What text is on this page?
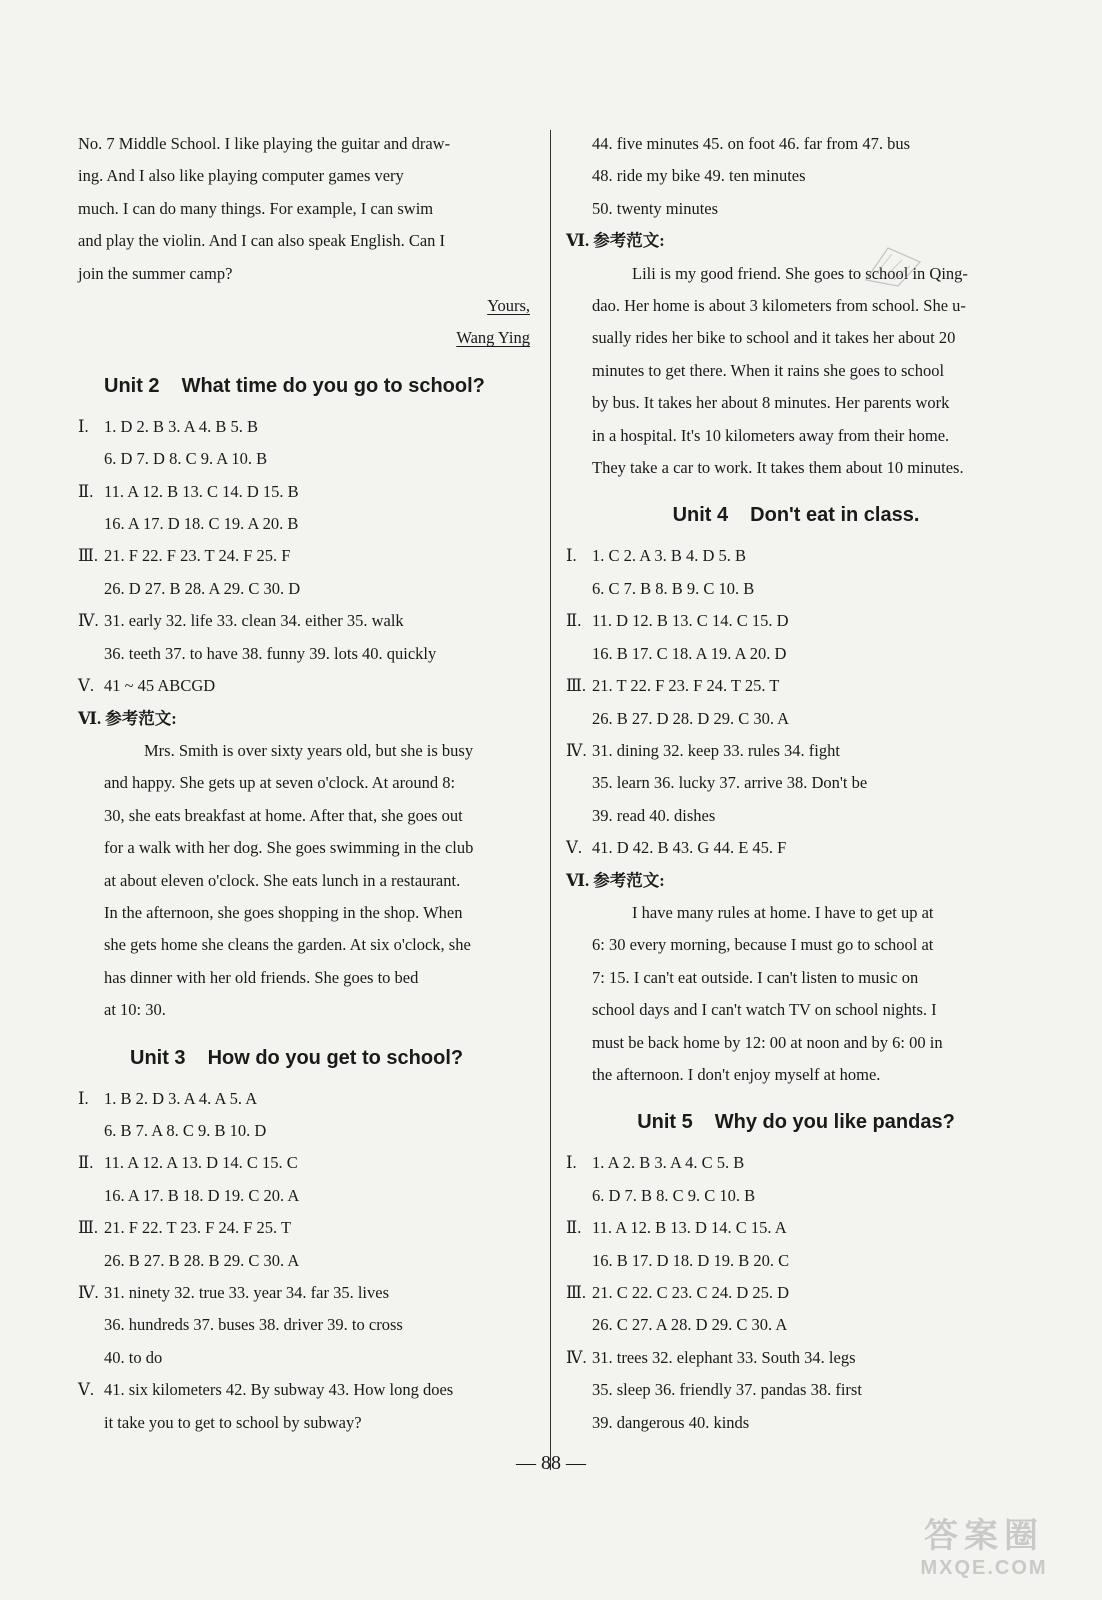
No. 7 Middle School. I like playing the guitar and draw-
ing. And I also like playing computer games very
much. I can do many things. For example, I can swim
and play the violin. And I can also speak English. Can I
join the summer camp?
Yours,
Wang Ying
Unit 2 What time do you go to school?
Ⅰ. 1. D 2. B 3. A 4. B 5. B
6. D 7. D 8. C 9. A 10. B
Ⅱ. 11. A 12. B 13. C 14. D 15. B
16. A 17. D 18. C 19. A 20. B
Ⅲ. 21. F 22. F 23. T 24. F 25. F
26. D 27. B 28. A 29. C 30. D
Ⅳ. 31. early 32. life 33. clean 34. either 35. walk
36. teeth 37. to have 38. funny 39. lots 40. quickly
Ⅴ. 41 ~ 45 ABCGD
Ⅵ. 参考范文:
Mrs. Smith is over sixty years old, but she is busy
and happy. She gets up at seven o'clock. At around 8:
30, she eats breakfast at home. After that, she goes out
for a walk with her dog. She goes swimming in the club
at about eleven o'clock. She eats lunch in a restaurant.
In the afternoon, she goes shopping in the shop. When
she gets home she cleans the garden. At six o'clock, she
has dinner with her old friends. She goes to bed
at 10: 30.
Unit 3 How do you get to school?
Ⅰ. 1. B 2. D 3. A 4. A 5. A
6. B 7. A 8. C 9. B 10. D
Ⅱ. 11. A 12. A 13. D 14. C 15. C
16. A 17. B 18. D 19. C 20. A
Ⅲ. 21. F 22. T 23. F 24. F 25. T
26. B 27. B 28. B 29. C 30. A
Ⅳ. 31. ninety 32. true 33. year 34. far 35. lives
36. hundreds 37. buses 38. driver 39. to cross
40. to do
Ⅴ. 41. six kilometers 42. By subway 43. How long does
it take you to get to school by subway?
44. five minutes 45. on foot 46. far from 47. bus
48. ride my bike 49. ten minutes
50. twenty minutes
Ⅵ. 参考范文:
Lili is my good friend. She goes to school in Qing-
dao. Her home is about 3 kilometers from school. She u-
sually rides her bike to school and it takes her about 20
minutes to get there. When it rains she goes to school
by bus. It takes her about 8 minutes. Her parents work
in a hospital. It's 10 kilometers away from their home.
They take a car to work. It takes them about 10 minutes.
Unit 4 Don't eat in class.
Ⅰ. 1. C 2. A 3. B 4. D 5. B
6. C 7. B 8. B 9. C 10. B
Ⅱ. 11. D 12. B 13. C 14. C 15. D
16. B 17. C 18. A 19. A 20. D
Ⅲ. 21. T 22. F 23. F 24. T 25. T
26. B 27. D 28. D 29. C 30. A
Ⅳ. 31. dining 32. keep 33. rules 34. fight
35. learn 36. lucky 37. arrive 38. Don't be
39. read 40. dishes
Ⅴ. 41. D 42. B 43. G 44. E 45. F
Ⅵ. 参考范文:
I have many rules at home. I have to get up at
6: 30 every morning, because I must go to school at
7: 15. I can't eat outside. I can't listen to music on
school days and I can't watch TV on school nights. I
must be back home by 12: 00 at noon and by 6: 00 in
the afternoon. I don't enjoy myself at home.
Unit 5 Why do you like pandas?
Ⅰ. 1. A 2. B 3. A 4. C 5. B
6. D 7. B 8. C 9. C 10. B
Ⅱ. 11. A 12. B 13. D 14. C 15. A
16. B 17. D 18. D 19. B 20. C
Ⅲ. 21. C 22. C 23. C 24. D 25. D
26. C 27. A 28. D 29. C 30. A
Ⅳ. 31. trees 32. elephant 33. South 34. legs
35. sleep 36. friendly 37. pandas 38. first
39. dangerous 40. kinds
— 88 —
答案圈
MXQE.COM
